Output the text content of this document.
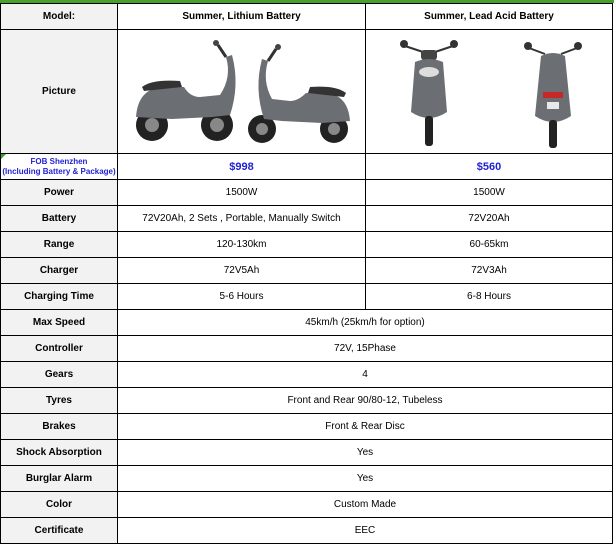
Model:	Summer, Lithium Battery	Summer, Lead Acid Battery
Picture	

FOB Shenzhen
(Including Battery & Package)	$998	$560
Power	1500W	1500W
Battery	72V20Ah, 2 Sets , Portable, Manually Switch	72V20Ah
Range	120-130km	60-65km
Charger	72V5Ah	72V3Ah
Charging Time	5-6 Hours	6-8 Hours
Max Speed	45km/h (25km/h for option)	
Controller	72V, 15Phase	
Gears	4	
Tyres	Front and Rear 90/80-12, Tubeless	
Brakes	Front & Rear Disc	
Shock Absorption	Yes	
Burglar Alarm	Yes	
Color	Custom Made	
Certificate	EEC	
